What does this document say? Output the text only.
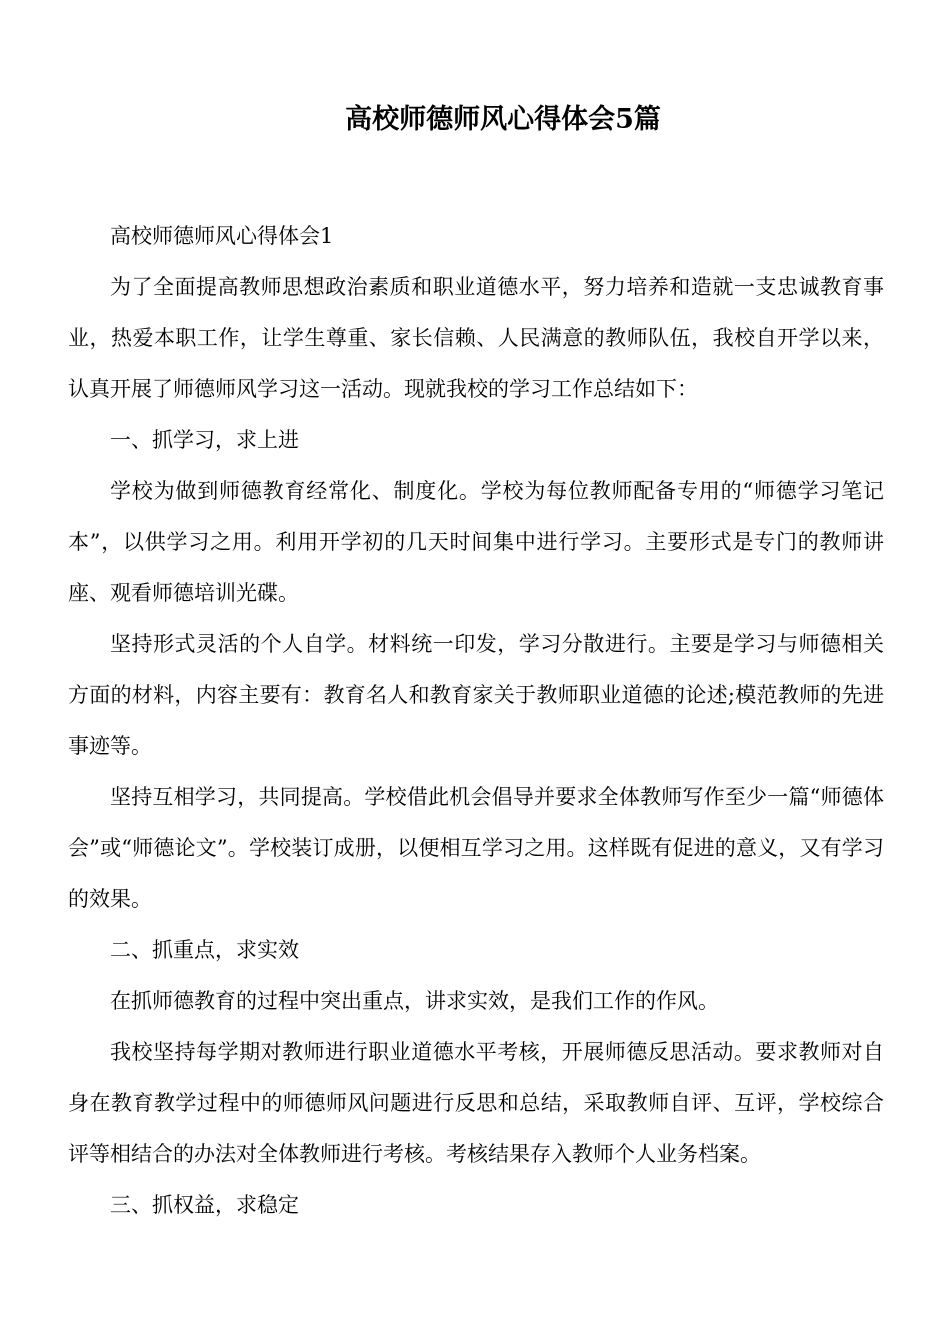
高校师德师风心得体会5篇

高校师德师风心得体会1

为了全面提高教师思想政治素质和职业道德水平，努力培养和造就一支忠诚教育事业，热爱本职工作，让学生尊重、家长信赖、人民满意的教师队伍，我校自开学以来，认真开展了师德师风学习这一活动。现就我校的学习工作总结如下：

一、抓学习，求上进

学校为做到师德教育经常化、制度化。学校为每位教师配备专用的“师德学习笔记本”，以供学习之用。利用开学初的几天时间集中进行学习。主要形式是专门的教师讲座、观看师德培训光碟。

坚持形式灵活的个人自学。材料统一印发，学习分散进行。主要是学习与师德相关方面的材料，内容主要有：教育名人和教育家关于教师职业道德的论述;模范教师的先进事迹等。

坚持互相学习，共同提高。学校借此机会倡导并要求全体教师写作至少一篇“师德体会”或“师德论文”。学校装订成册，以便相互学习之用。这样既有促进的意义，又有学习的效果。

二、抓重点，求实效

在抓师德教育的过程中突出重点，讲求实效，是我们工作的作风。

我校坚持每学期对教师进行职业道德水平考核，开展师德反思活动。要求教师对自身在教育教学过程中的师德师风问题进行反思和总结，采取教师自评、互评，学校综合评等相结合的办法对全体教师进行考核。考核结果存入教师个人业务档案。

三、抓权益，求稳定
